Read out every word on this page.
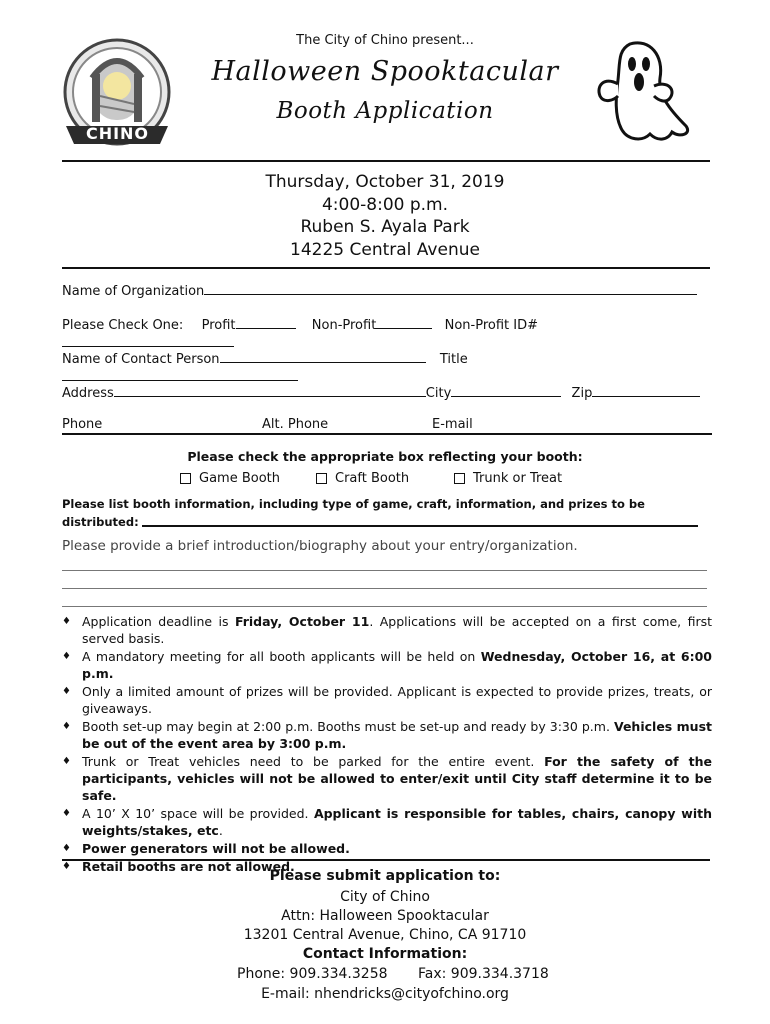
CHINO
The City of Chino present...
Halloween Spooktacular
Booth Application
Thursday, October 31, 2019
4:00-8:00 p.m.
Ruben S. Ayala Park
14225 Central Avenue
Name of Organization
Please Check One: Profit	Non-Profit	Non-Profit ID#
Name of Contact Person	Title
Address	City	Zip
Phone	Alt. Phone	E-mail
Please check the appropriate box reflecting your booth:
Game Booth	Craft Booth	Trunk or Treat
Please list booth information, including type of game, craft, information, and prizes to be distributed:
Please provide a brief introduction/biography about your entry/organization.
♦ Application deadline is Friday, October 11. Applications will be accepted on a first come, first served basis.
♦ A mandatory meeting for all booth applicants will be held on Wednesday, October 16, at 6:00 p.m.
♦ Only a limited amount of prizes will be provided. Applicant is expected to provide prizes, treats, or giveaways.
♦ Booth set-up may begin at 2:00 p.m. Booths must be set-up and ready by 3:30 p.m. Vehicles must be out of the event area by 3:00 p.m.
♦ Trunk or Treat vehicles need to be parked for the entire event. For the safety of the participants, vehicles will not be allowed to enter/exit until City staff determine it to be safe.
♦ A 10’ X 10’ space will be provided. Applicant is responsible for tables, chairs, canopy with weights/stakes, etc.
♦ Power generators will not be allowed.
♦ Retail booths are not allowed.
Please submit application to:
City of Chino
Attn: Halloween Spooktacular
13201 Central Avenue, Chino, CA 91710
Contact Information:
Phone: 909.334.3258 Fax: 909.334.3718
E-mail: nhendricks@cityofchino.org
